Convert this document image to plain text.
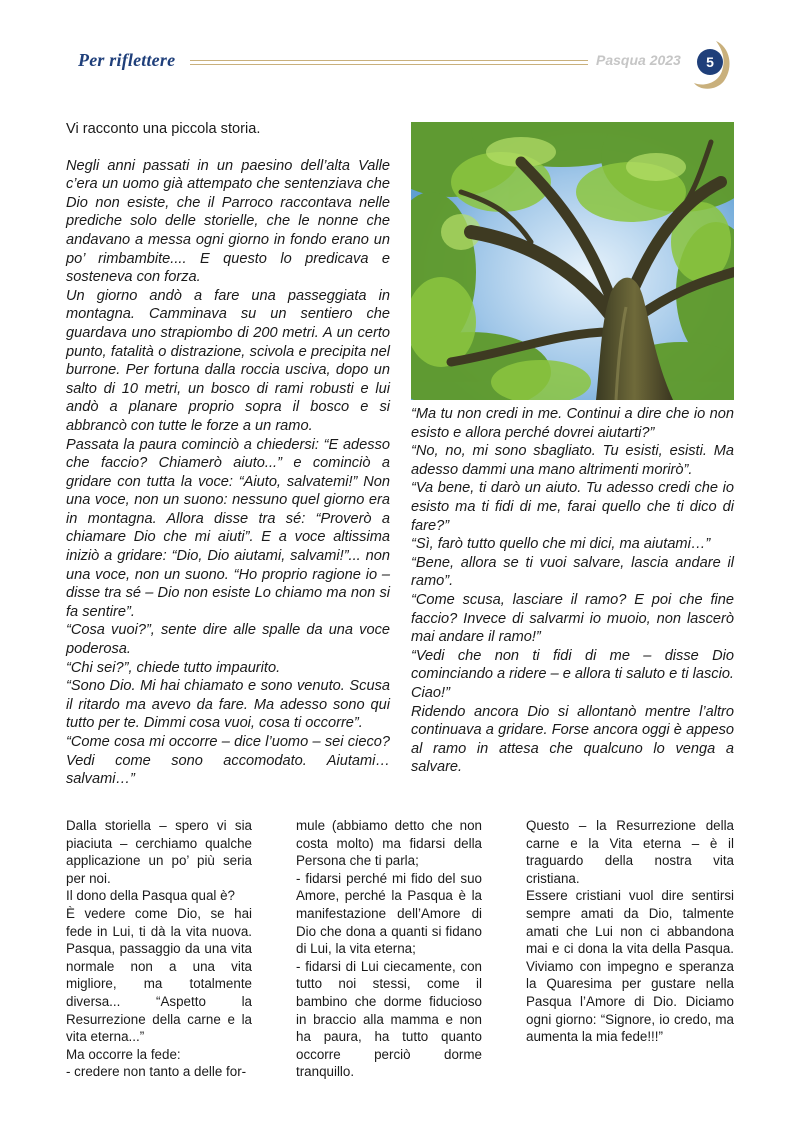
Per riflettere	Pasqua 2023	5

Vi racconto una piccola storia.

Negli anni passati in un paesino dell’alta Valle c’era un uomo già attempato che sentenziava che Dio non esiste, che il Parroco raccontava nelle prediche solo delle storielle, che le nonne che andavano a messa ogni giorno in fondo erano un po’ rimbambite.... E questo lo predicava e sosteneva con forza.

Un giorno andò a fare una passeggiata in montagna. Camminava su un sentiero che guardava uno strapiombo di 200 metri. A un certo punto, fatalità o distrazione, scivola e precipita nel burrone. Per fortuna dalla roccia usciva, dopo un salto di 10 metri, un bosco di rami robusti e lui andò a planare proprio sopra il bosco e si abbrancò con tutte le forze a un ramo.

Passata la paura cominciò a chiedersi: “E adesso che faccio? Chiamerò aiuto...” e cominciò a gridare con tutta la voce: “Aiuto, salvatemi!” Non una voce, non un suono: nessuno quel giorno era in montagna. Allora disse tra sé: “Proverò a chiamare Dio che mi aiuti”. E a voce altissima iniziò a gridare: “Dio, Dio aiutami, salvami!”... non una voce, non un suono. “Ho proprio ragione io – disse tra sé – Dio non esiste Lo chiamo ma non si fa sentire”.

“Cosa vuoi?”, sente dire alle spalle da una voce poderosa.

“Chi sei?”, chiede tutto impaurito.

“Sono Dio. Mi hai chiamato e sono venuto. Scusa il ritardo ma avevo da fare. Ma adesso sono qui tutto per te. Dimmi cosa vuoi, cosa ti occorre”.

“Come cosa mi occorre – dice l’uomo – sei cieco? Vedi come sono accomodato. Aiutami… salvami…”

“Ma tu non credi in me. Continui a dire che io non esisto e allora perché dovrei aiutarti?”

“No, no, mi sono sbagliato. Tu esisti, esisti. Ma adesso dammi una mano altrimenti morirò”.

“Va bene, ti darò un aiuto. Tu adesso credi che io esisto ma ti fidi di me, farai quello che ti dico di fare?”

“Sì, farò tutto quello che mi dici, ma aiutami…”

“Bene, allora se ti vuoi salvare, lascia andare il ramo”.

“Come scusa, lasciare il ramo? E poi che fine faccio? Invece di salvarmi io muoio, non lascerò mai andare il ramo!”

“Vedi che non ti fidi di me – disse Dio cominciando a ridere – e allora ti saluto e ti lascio. Ciao!”

Ridendo ancora Dio si allontanò mentre l’altro continuava a gridare. Forse ancora oggi è appeso al ramo in attesa che qualcuno lo venga a salvare.

Dalla storiella – spero vi sia piaciuta – cerchiamo qualche applicazione un po’ più seria per noi.

Il dono della Pasqua qual è?

È vedere come Dio, se hai fede in Lui, ti dà la vita nuova. Pasqua, passaggio da una vita normale non a una vita migliore, ma totalmente diversa... “Aspetto la Resurrezione della carne e la vita eterna...”

Ma occorre la fede:

- credere non tanto a delle for-

mule (abbiamo detto che non costa molto) ma fidarsi della Persona che ti parla;

- fidarsi perché mi fido del suo Amore, perché la Pasqua è la manifestazione dell’Amore di Dio che dona a quanti si fidano di Lui, la vita eterna;

- fidarsi di Lui ciecamente, con tutto noi stessi, come il bambino che dorme fiducioso in braccio alla mamma e non ha paura, ha tutto quanto occorre perciò dorme tranquillo.

Questo – la Resurrezione della carne e la Vita eterna – è il traguardo della nostra vita cristiana.

Essere cristiani vuol dire sentirsi sempre amati da Dio, talmente amati che Lui non ci abbandona mai e ci dona la vita della Pasqua. Viviamo con impegno e speranza la Quaresima per gustare nella Pasqua l’Amore di Dio. Diciamo ogni giorno: “Signore, io credo, ma aumenta la mia fede!!!”
